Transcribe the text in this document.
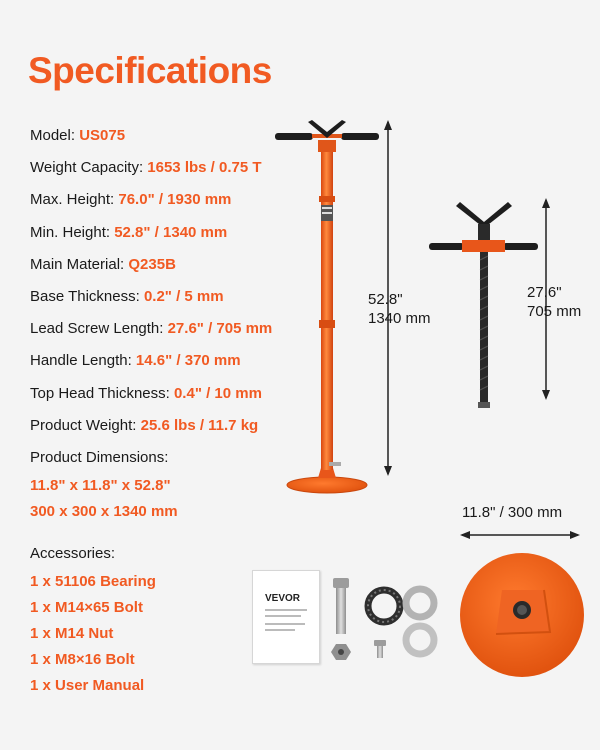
Specifications
Model: US075
Weight Capacity: 1653 lbs / 0.75 T
Max. Height: 76.0" / 1930 mm
Min. Height: 52.8" / 1340 mm
Main Material: Q235B
Base Thickness: 0.2" / 5 mm
Lead Screw Length: 27.6" / 705 mm
Handle Length: 14.6" / 370 mm
Top Head Thickness: 0.4" / 10 mm
Product Weight: 25.6 lbs / 11.7 kg
Product Dimensions:
11.8" x 11.8" x 52.8"
300 x 300 x 1340 mm
Accessories:
1 x 51106 Bearing
1 x M14×65 Bolt
1 x M14 Nut
1 x M8×16 Bolt
1 x User Manual
VEVOR
52.8"
1340 mm
27.6"
705 mm
11.8" / 300 mm
